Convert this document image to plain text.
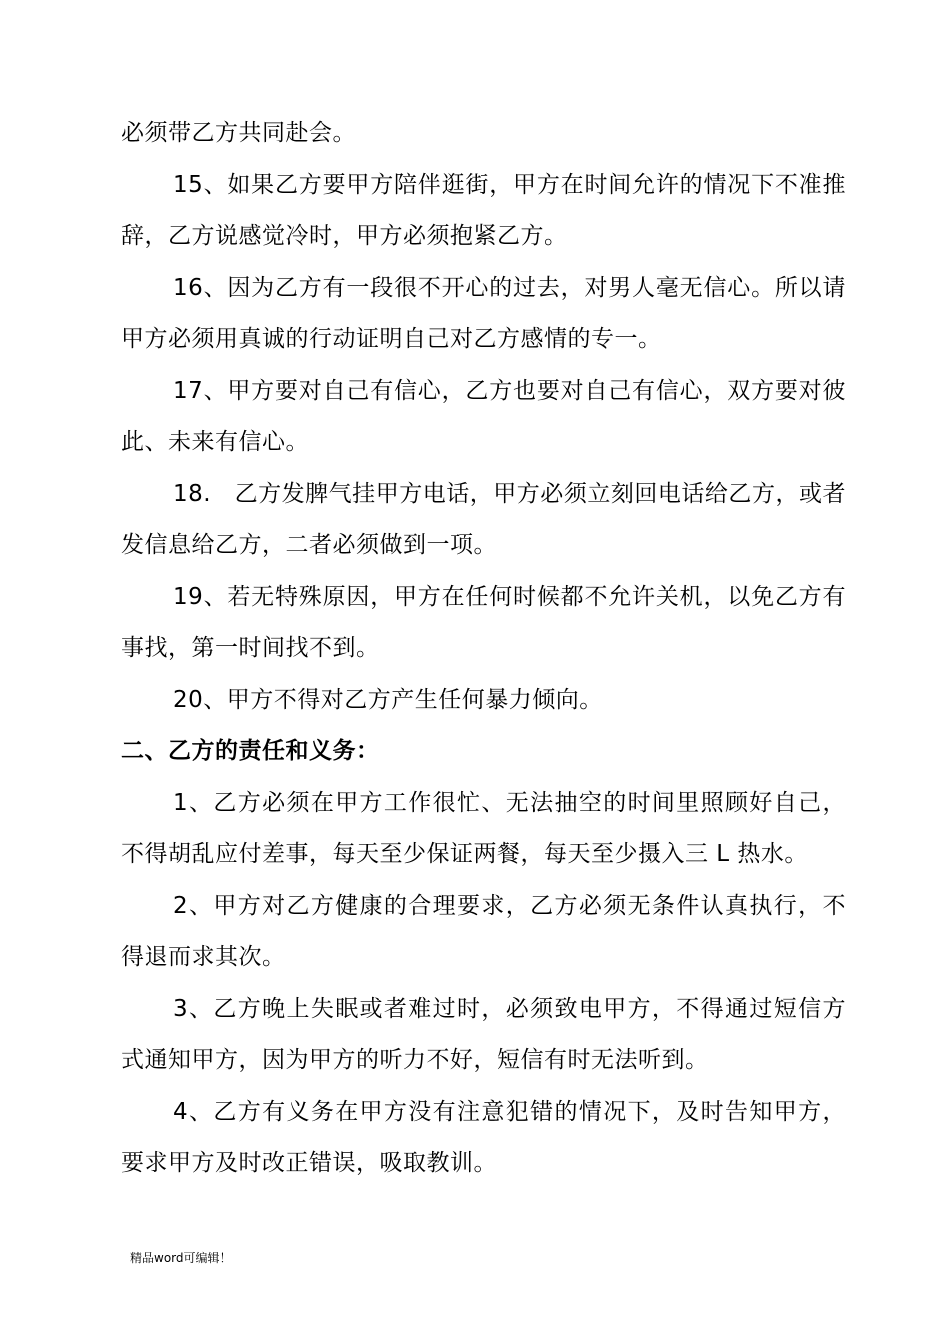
必须带乙方共同赴会。

15、如果乙方要甲方陪伴逛街，甲方在时间允许的情况下不准推辞，乙方说感觉冷时，甲方必须抱紧乙方。

16、因为乙方有一段很不开心的过去，对男人毫无信心。所以请甲方必须用真诚的行动证明自己对乙方感情的专一。

17、甲方要对自己有信心，乙方也要对自己有信心，双方要对彼此、未来有信心。

18.　乙方发脾气挂甲方电话，甲方必须立刻回电话给乙方，或者发信息给乙方，二者必须做到一项。

19、若无特殊原因，甲方在任何时候都不允许关机，以免乙方有事找，第一时间找不到。

20、甲方不得对乙方产生任何暴力倾向。

二、乙方的责任和义务：

1、乙方必须在甲方工作很忙、无法抽空的时间里照顾好自己，不得胡乱应付差事，每天至少保证两餐，每天至少摄入三 L 热水。

2、甲方对乙方健康的合理要求，乙方必须无条件认真执行，不得退而求其次。

3、乙方晚上失眠或者难过时，必须致电甲方，不得通过短信方式通知甲方，因为甲方的听力不好，短信有时无法听到。

4、乙方有义务在甲方没有注意犯错的情况下，及时告知甲方，要求甲方及时改正错误，吸取教训。

精品word可编辑！
